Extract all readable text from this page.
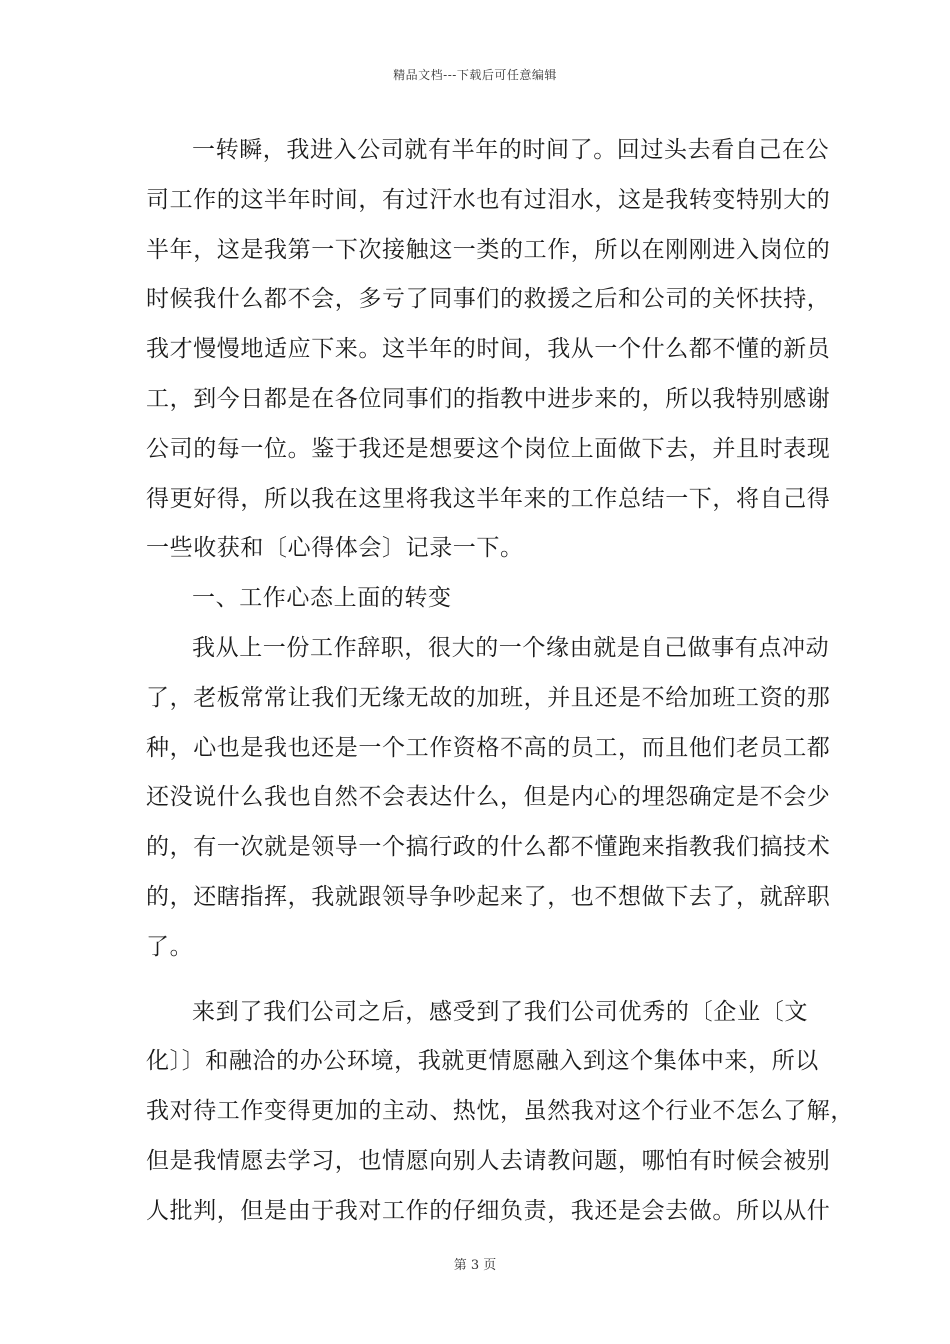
精品文档---下载后可任意编辑
一转瞬，我进入公司就有半年的时间了。回过头去看自己在公
司工作的这半年时间，有过汗水也有过泪水，这是我转变特别大的
半年，这是我第一下次接触这一类的工作，所以在刚刚进入岗位的
时候我什么都不会，多亏了同事们的救援之后和公司的关怀扶持，
我才慢慢地适应下来。这半年的时间，我从一个什么都不懂的新员
工，到今日都是在各位同事们的指教中进步来的，所以我特别感谢
公司的每一位。鉴于我还是想要这个岗位上面做下去，并且时表现
得更好得，所以我在这里将我这半年来的工作总结一下，将自己得
一些收获和〔心得体会〕记录一下。
一、工作心态上面的转变
我从上一份工作辞职，很大的一个缘由就是自己做事有点冲动
了，老板常常让我们无缘无故的加班，并且还是不给加班工资的那
种，心也是我也还是一个工作资格不高的员工，而且他们老员工都
还没说什么我也自然不会表达什么，但是内心的埋怨确定是不会少
的，有一次就是领导一个搞行政的什么都不懂跑来指教我们搞技术
的，还瞎指挥，我就跟领导争吵起来了，也不想做下去了，就辞职
了。
来到了我们公司之后，感受到了我们公司优秀的〔企业〔文
化〕〕和融洽的办公环境，我就更情愿融入到这个集体中来，所以
我对待工作变得更加的主动、热忱，虽然我对这个行业不怎么了解，
但是我情愿去学习，也情愿向别人去请教问题，哪怕有时候会被别
人批判，但是由于我对工作的仔细负责，我还是会去做。所以从什
第 3 页
